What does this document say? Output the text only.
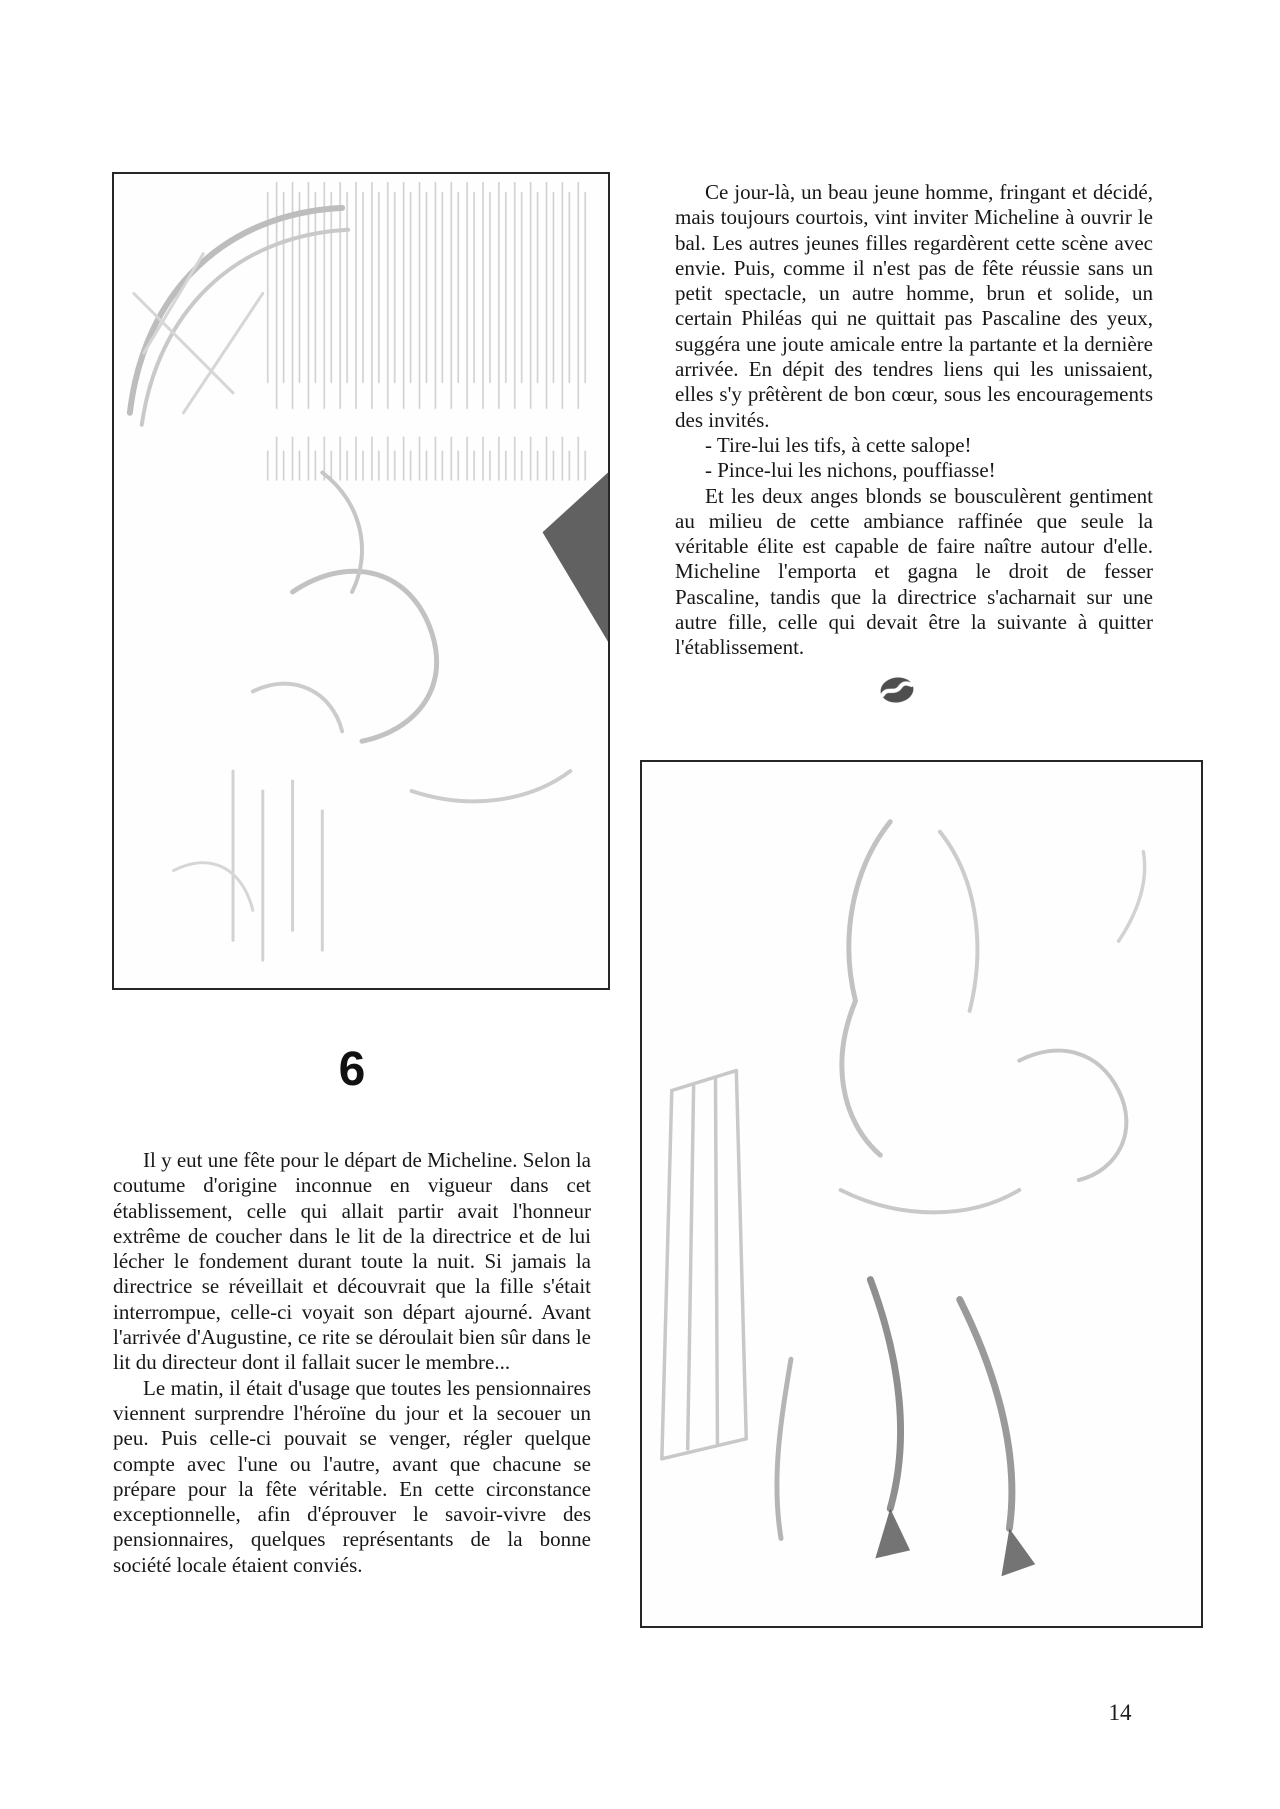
Ce jour-là, un beau jeune homme, fringant et décidé, mais toujours courtois, vint inviter Micheline à ouvrir le bal. Les autres jeunes filles regardèrent cette scène avec envie. Puis, comme il n'est pas de fête réussie sans un petit spectacle, un autre homme, brun et solide, un certain Philéas qui ne quittait pas Pascaline des yeux, suggéra une joute amicale entre la partante et la dernière arrivée. En dépit des tendres liens qui les unissaient, elles s'y prêtèrent de bon cœur, sous les encouragements des invités.

- Tire-lui les tifs, à cette salope!

- Pince-lui les nichons, pouffiasse!

Et les deux anges blonds se bousculèrent gentiment au milieu de cette ambiance raffinée que seule la véritable élite est capable de faire naître autour d'elle. Micheline l'emporta et gagna le droit de fesser Pascaline, tandis que la directrice s'acharnait sur une autre fille, celle qui devait être la suivante à quitter l'établissement.

6

Il y eut une fête pour le départ de Micheline. Selon la coutume d'origine inconnue en vigueur dans cet établissement, celle qui allait partir avait l'honneur extrême de coucher dans le lit de la directrice et de lui lécher le fondement durant toute la nuit. Si jamais la directrice se réveillait et découvrait que la fille s'était interrompue, celle-ci voyait son départ ajourné. Avant l'arrivée d'Augustine, ce rite se déroulait bien sûr dans le lit du directeur dont il fallait sucer le membre...

Le matin, il était d'usage que toutes les pensionnaires viennent surprendre l'héroïne du jour et la secouer un peu. Puis celle-ci pouvait se venger, régler quelque compte avec l'une ou l'autre, avant que chacune se prépare pour la fête véritable. En cette circonstance exceptionnelle, afin d'éprouver le savoir-vivre des pensionnaires, quelques représentants de la bonne société locale étaient conviés.

14
